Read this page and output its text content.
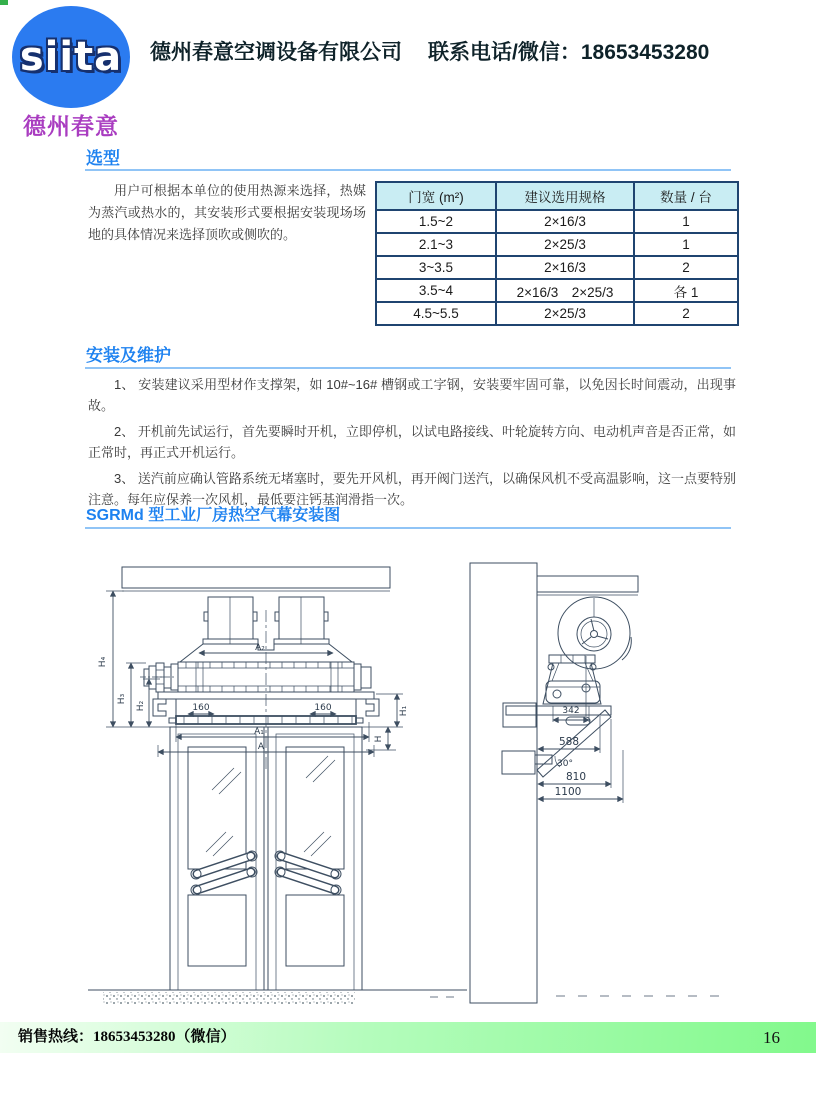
siita
德州春意
德州春意空调设备有限公司 联系电话/微信：18653453280
选型
用户可根据本单位的使用热源来选择，热媒为蒸汽或热水的，其安装形式要根据安装现场场地的具体情况来选择顶吹或侧吹的。
门宽 (m²)	建议选用规格	数量 / 台
1.5~2	2×16/3	1
2.1~3	2×25/3	1
3~3.5	2×16/3	2
3.5~4	2×16/3　2×25/3	各 1
4.5~5.5	2×25/3	2
安装及维护
1、 安装建议采用型材作支撑架，如 10#~16# 槽钢或工字钢，安装要牢固可靠，以免因长时间震动，出现事故。
2、 开机前先试运行，首先要瞬时开机，立即停机，以试电路接线、叶轮旋转方向、电动机声音是否正常，如正常时，再正式开机运行。
3、 送汽前应确认管路系统无堵塞时，要先开风机，再开阀门送汽，以确保风机不受高温影响，这一点要特别注意。每年应保养一次风机，最低要注钙基润滑指一次。
SGRMd 型工业厂房热空气幕安装图
160	160
A₂
H₄
H₃
H₂	H₁
H
A₁
A
30°
342
588
810
1100
销售热线：18653453280（微信）	16
